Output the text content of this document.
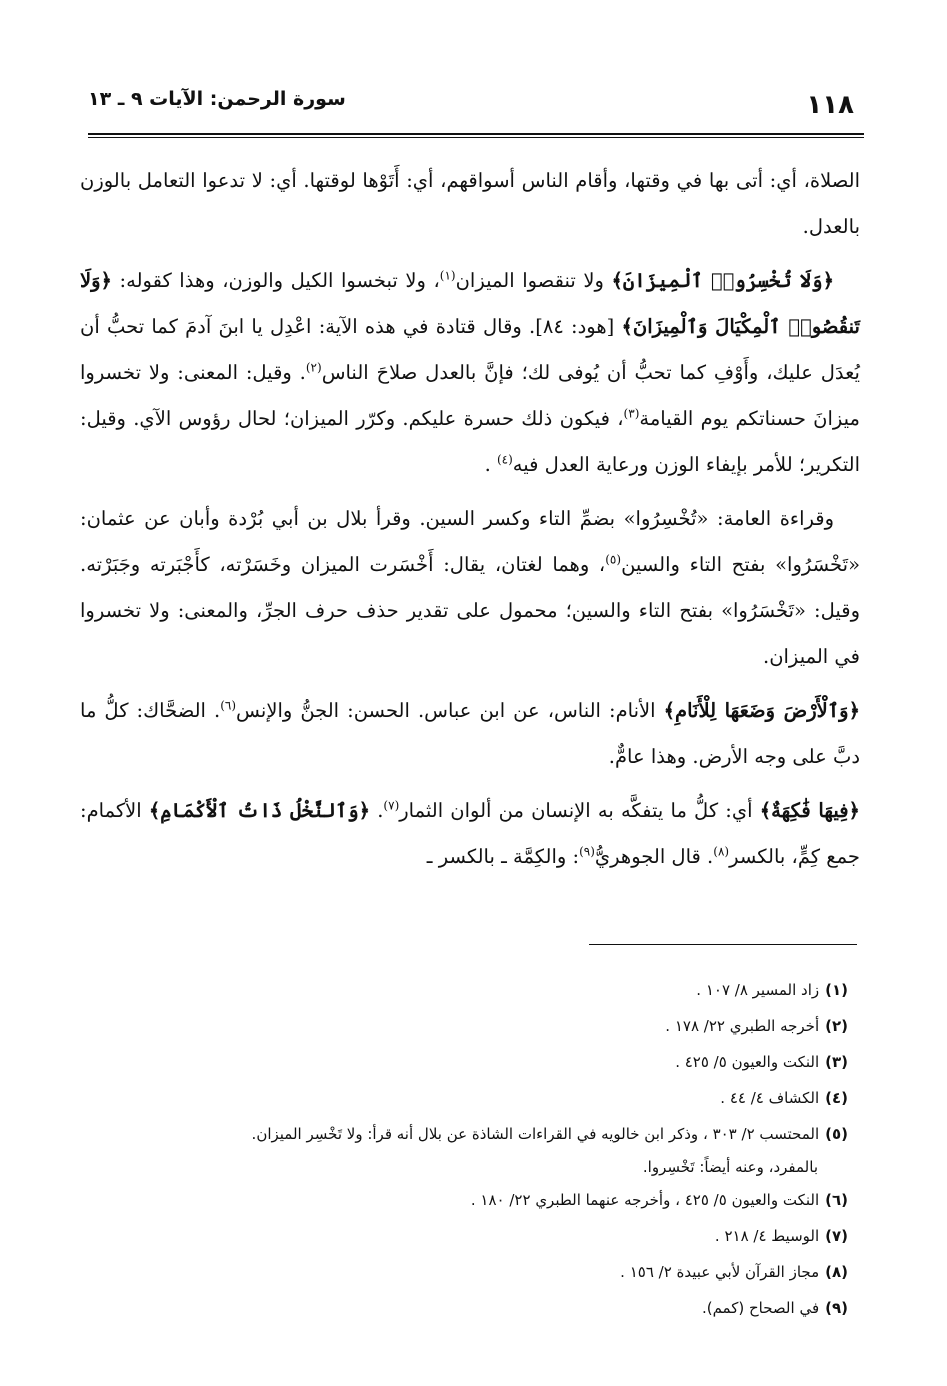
١١٨
سورة الرحمن: الآيات ٩ ـ ١٣

الصلاة، أي: أتى بها في وقتها، وأقام الناس أسواقهم، أي: أَتَوْها لوقتها. أي: لا تدعوا التعامل بالوزن بالعدل.

﴿وَلَا تُخْسِرُوا۟ ٱلْمِيزَانَ﴾ ولا تنقصوا الميزان$^{(١)}$، ولا تبخسوا الكيل والوزن، وهذا كقوله: ﴿وَلَا تَنقُصُوا۟ ٱلْمِكْيَالَ وَٱلْمِيزَانَ﴾ [هود: ٨٤]. وقال قتادة في هذه الآية: اعْدِل يا ابنَ آدمَ كما تحبُّ أن يُعدَل عليك، وأَوْفِ كما تحبُّ أن يُوفى لك؛ فإنَّ بالعدل صلاحَ الناس$^{(٢)}$. وقيل: المعنى: ولا تخسروا ميزانَ حسناتكم يوم القيامة$^{(٣)}$، فيكون ذلك حسرة عليكم. وكرّر الميزان؛ لحال رؤوس الآي. وقيل: التكرير؛ للأمر بإيفاء الوزن ورعاية العدل فيه$^{(٤)}$ .

وقراءة العامة: «تُخْسِرُوا» بضمِّ التاء وكسر السين. وقرأ بلال بن أبي بُرْدة وأبان عن عثمان: «تَخْسَرُوا» بفتح التاء والسين$^{(٥)}$، وهما لغتان، يقال: أَخْسَرت الميزان وخَسَرْته، كأَجْبَرته وجَبَرْته. وقيل: «تَخْسَرُوا» بفتح التاء والسين؛ محمول على تقدير حذف حرف الجرِّ، والمعنى: ولا تخسروا في الميزان.

﴿وَٱلْأَرْضَ وَضَعَهَا لِلْأَنَامِ﴾ الأنام: الناس، عن ابن عباس. الحسن: الجنُّ والإنس$^{(٦)}$. الضحَّاك: كلُّ ما دبَّ على وجه الأرض. وهذا عامٌّ.

﴿فِيهَا فَٰكِهَةٌ﴾ أي: كلُّ ما يتفكَّه به الإنسان من ألوان الثمار$^{(٧)}$. ﴿وَٱلنَّخْلُ ذَاتُ ٱلْأَكْمَامِ﴾ الأكمام: جمع كِمٍّ، بالكسر$^{(٨)}$. قال الجوهريُّ$^{(٩)}$: والكِمَّة ـ بالكسر ـ

(١)زاد المسير ٨/ ١٠٧ .
(٢)أخرجه الطبري ٢٢/ ١٧٨ .
(٣)النكت والعيون ٥/ ٤٢٥ .
(٤)الكشاف ٤/ ٤٤ .
(٥)المحتسب ٢/ ٣٠٣ ، وذكر ابن خالويه في القراءات الشاذة عن بلال أنه قرأ: ولا تَخْسِر الميزان.
بالمفرد، وعنه أيضاً: تَخْسِروا.
(٦)النكت والعيون ٥/ ٤٢٥ ، وأخرجه عنهما الطبري ٢٢/ ١٨٠ .
(٧)الوسيط ٤/ ٢١٨ .
(٨)مجاز القرآن لأبي عبيدة ٢/ ١٥٦ .
(٩)في الصحاح (كمم).
